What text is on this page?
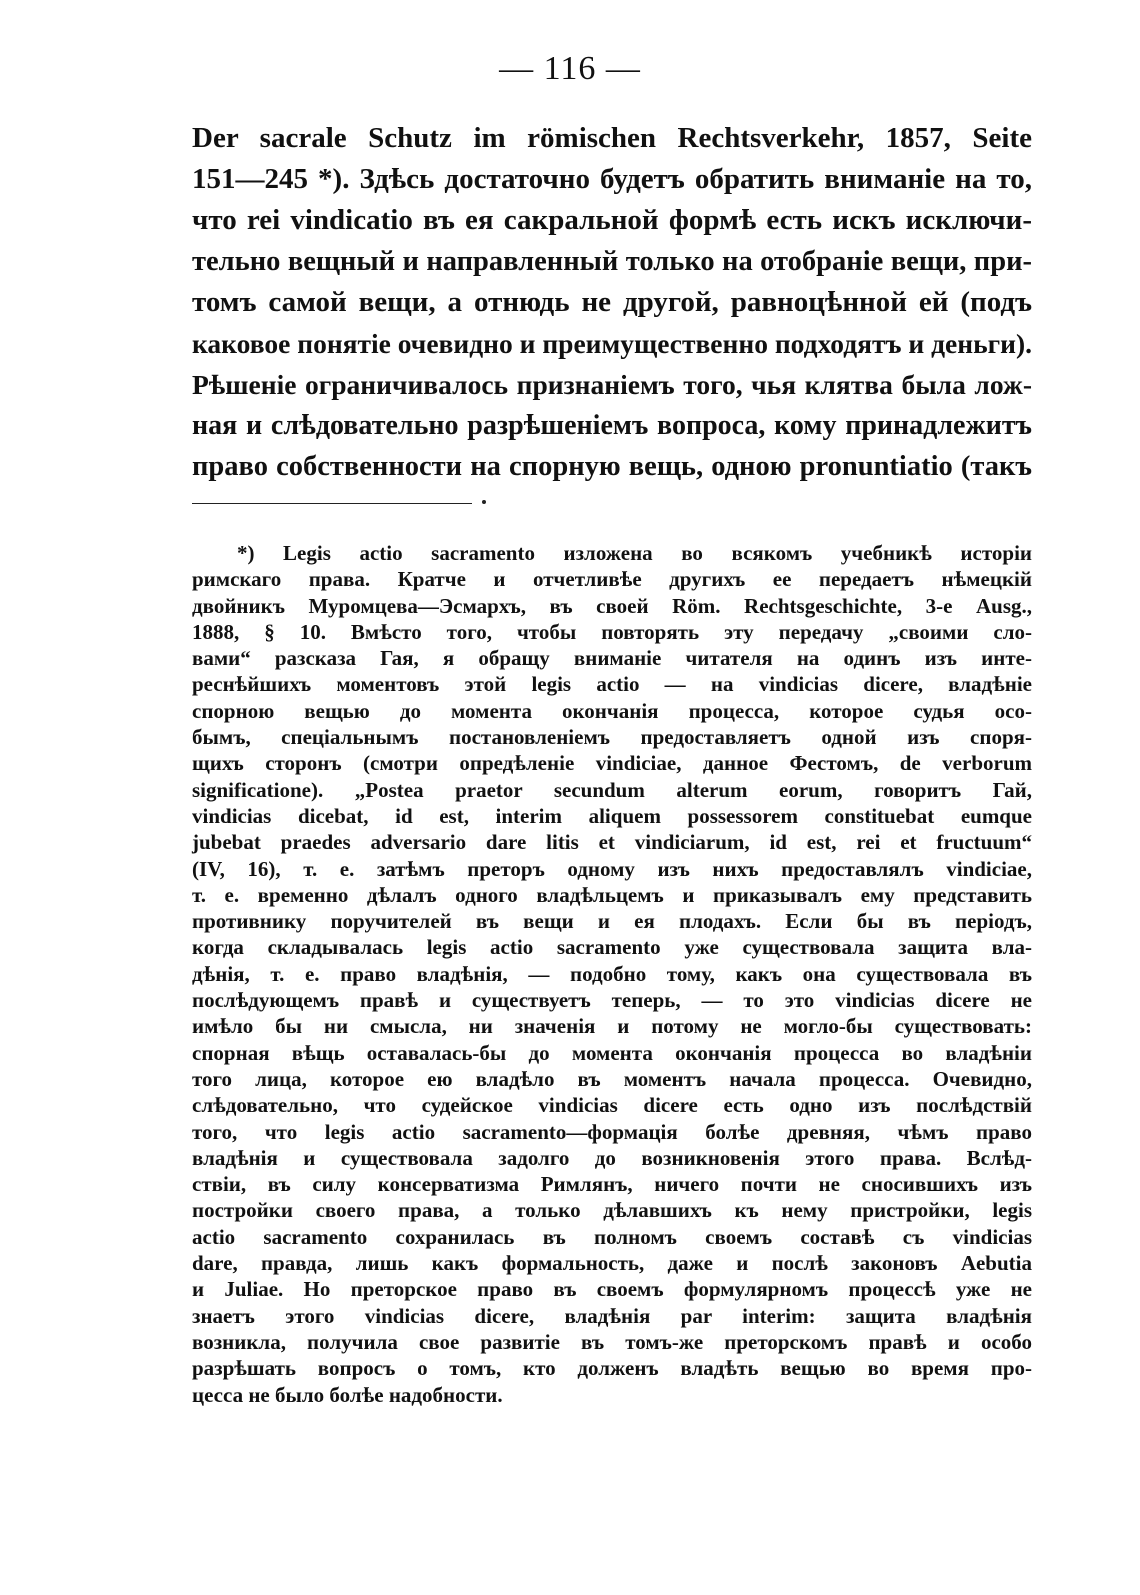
— 116 —
Der sacrale Schutz im römischen Rechtsverkehr, 1857, Seite
151—245 *). Здѣсь достаточно будетъ обратить вниманіе на то,
что rei vindicatio въ ея сакральной формѣ есть искъ исключи-
тельно вещный и направленный только на отобраніе вещи, при-
томъ самой вещи, а отнюдь не другой, равноцѣнной ей (подъ
каковое понятіе очевидно и преимущественно подходятъ и деньги).
Рѣшеніе ограничивалось признаніемъ того, чья клятва была лож-
ная и слѣдовательно разрѣшеніемъ вопроса, кому принадлежитъ
право собственности на спорную вещь, одною pronuntiatio (такъ
*) Legis actio sacramento изложена во всякомъ учебникѣ исторіи
римскаго права. Кратче и отчетливѣе другихъ ее передаетъ нѣмецкій
двойникъ Муромцева—Эсмархъ, въ своей Röm. Rechtsgeschichte, 3-е Ausg.,
1888, § 10. Вмѣсто того, чтобы повторять эту передачу „своими сло-
вами“ разсказа Гая, я обращу вниманіе читателя на одинъ изъ инте-
реснѣйшихъ моментовъ этой legis actio — на vindicias dicere, владѣніе
спорною вещью до момента окончанія процесса, которое судья осо-
бымъ, спеціальнымъ постановленіемъ предоставляетъ одной изъ споря-
щихъ сторонъ (смотри опредѣленіе vindiciae, данное Фестомъ, de verborum
significatione). „Postea praetor secundum alterum eorum, говоритъ Гай,
vindicias dicebat, id est, interim aliquem possessorem constituebat eumque
jubebat praedes adversario dare litis et vindiciarum, id est, rei et fructuum“
(IV, 16), т. е. затѣмъ преторъ одному изъ нихъ предоставлялъ vindiciae,
т. е. временно дѣлалъ одного владѣльцемъ и приказывалъ ему представить
противнику поручителей въ вещи и ея плодахъ. Если бы въ періодъ,
когда складывалась legis actio sacramento уже существовала защита вла-
дѣнія, т. е. право владѣнія, — подобно тому, какъ она существовала въ
послѣдующемъ правѣ и существуетъ теперь, — то это vindicias dicere не
имѣло бы ни смысла, ни значенія и потому не могло-бы существовать:
спорная вѣщь оставалась-бы до момента окончанія процесса во владѣніи
того лица, которое ею владѣло въ моментъ начала процесса. Очевидно,
слѣдовательно, что судейское vindicias dicere есть одно изъ послѣдствій
того, что legis actio sacramento—формація болѣе древняя, чѣмъ право
владѣнія и существовала задолго до возникновенія этого права. Вслѣд-
ствіи, въ силу консерватизма Римлянъ, ничего почти не сносившихъ изъ
постройки своего права, а только дѣлавшихъ къ нему пристройки, legis
actio sacramento сохранилась въ полномъ своемъ составѣ съ vindicias
dare, правда, лишь какъ формальность, даже и послѣ законовъ Aebutia
и Juliae. Но преторское право въ своемъ формулярномъ процессѣ уже не
знаетъ этого vindicias dicere, владѣнія par interim: защита владѣнія
возникла, получила свое развитіе въ томъ-же преторскомъ правѣ и особо
разрѣшать вопросъ о томъ, кто долженъ владѣть вещью во время про-
цесса не было болѣе надобности.
